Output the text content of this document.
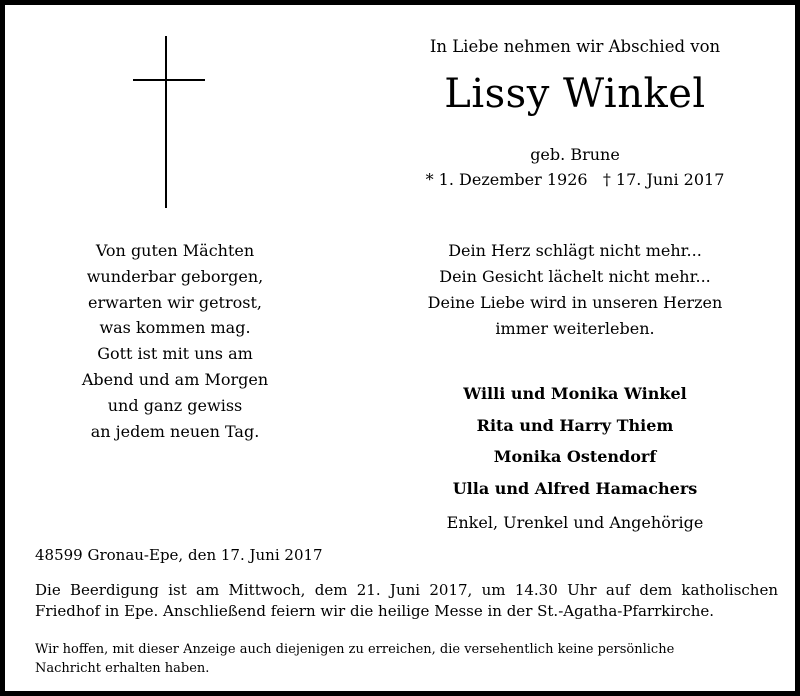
In Liebe nehmen wir Abschied von
Lissy Winkel
geb. Brune
* 1. Dezember 1926   † 17. Juni 2017
Von guten Mächten
wunderbar geborgen,
erwarten wir getrost,
was kommen mag.
Gott ist mit uns am
Abend und am Morgen
und ganz gewiss
an jedem neuen Tag.
Dein Herz schlägt nicht mehr...
Dein Gesicht lächelt nicht mehr...
Deine Liebe wird in unseren Herzen
immer weiterleben.
Willi und Monika Winkel
Rita und Harry Thiem
Monika Ostendorf
Ulla und Alfred Hamachers
Enkel, Urenkel und Angehörige
48599 Gronau-Epe, den 17. Juni 2017
Die Beerdigung ist am Mittwoch, dem 21. Juni 2017, um 14.30 Uhr auf dem katholischen
Friedhof in Epe. Anschließend feiern wir die heilige Messe in der St.-Agatha-Pfarrkirche.
Wir hoffen, mit dieser Anzeige auch diejenigen zu erreichen, die versehentlich keine persönliche
Nachricht erhalten haben.
